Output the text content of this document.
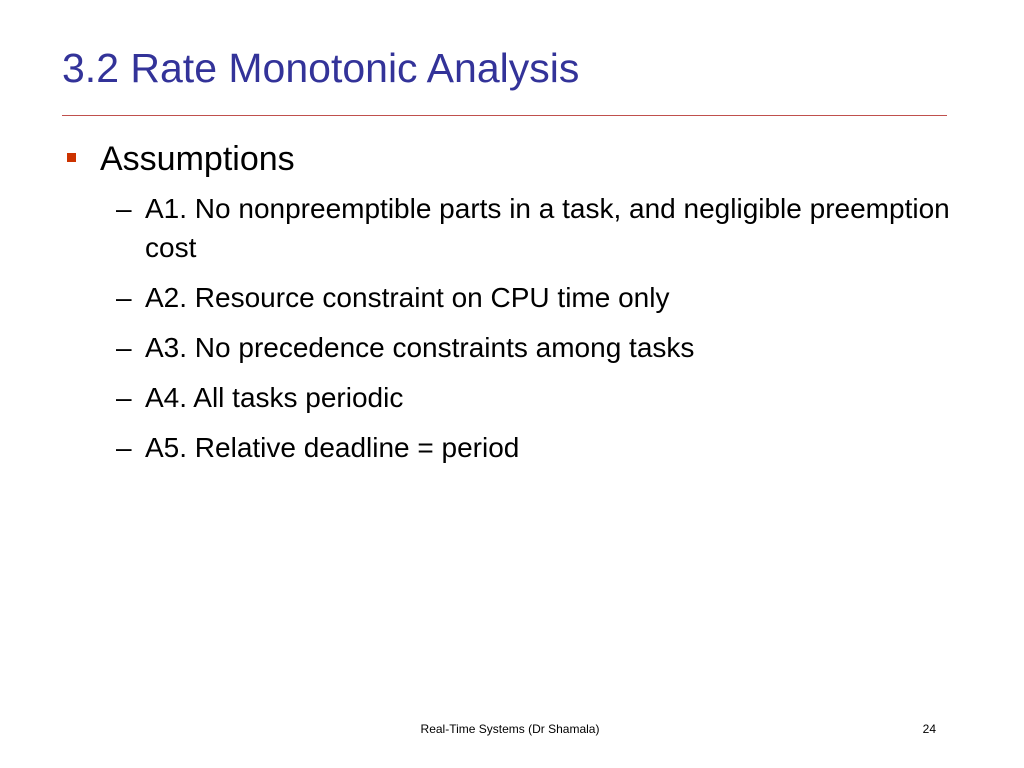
3.2 Rate Monotonic Analysis
Assumptions
– A1. No nonpreemptible parts in a task, and negligible preemption cost
– A2. Resource constraint on CPU time only
– A3. No precedence constraints among tasks
– A4. All tasks periodic
– A5. Relative deadline = period
Real-Time Systems (Dr Shamala)	24
